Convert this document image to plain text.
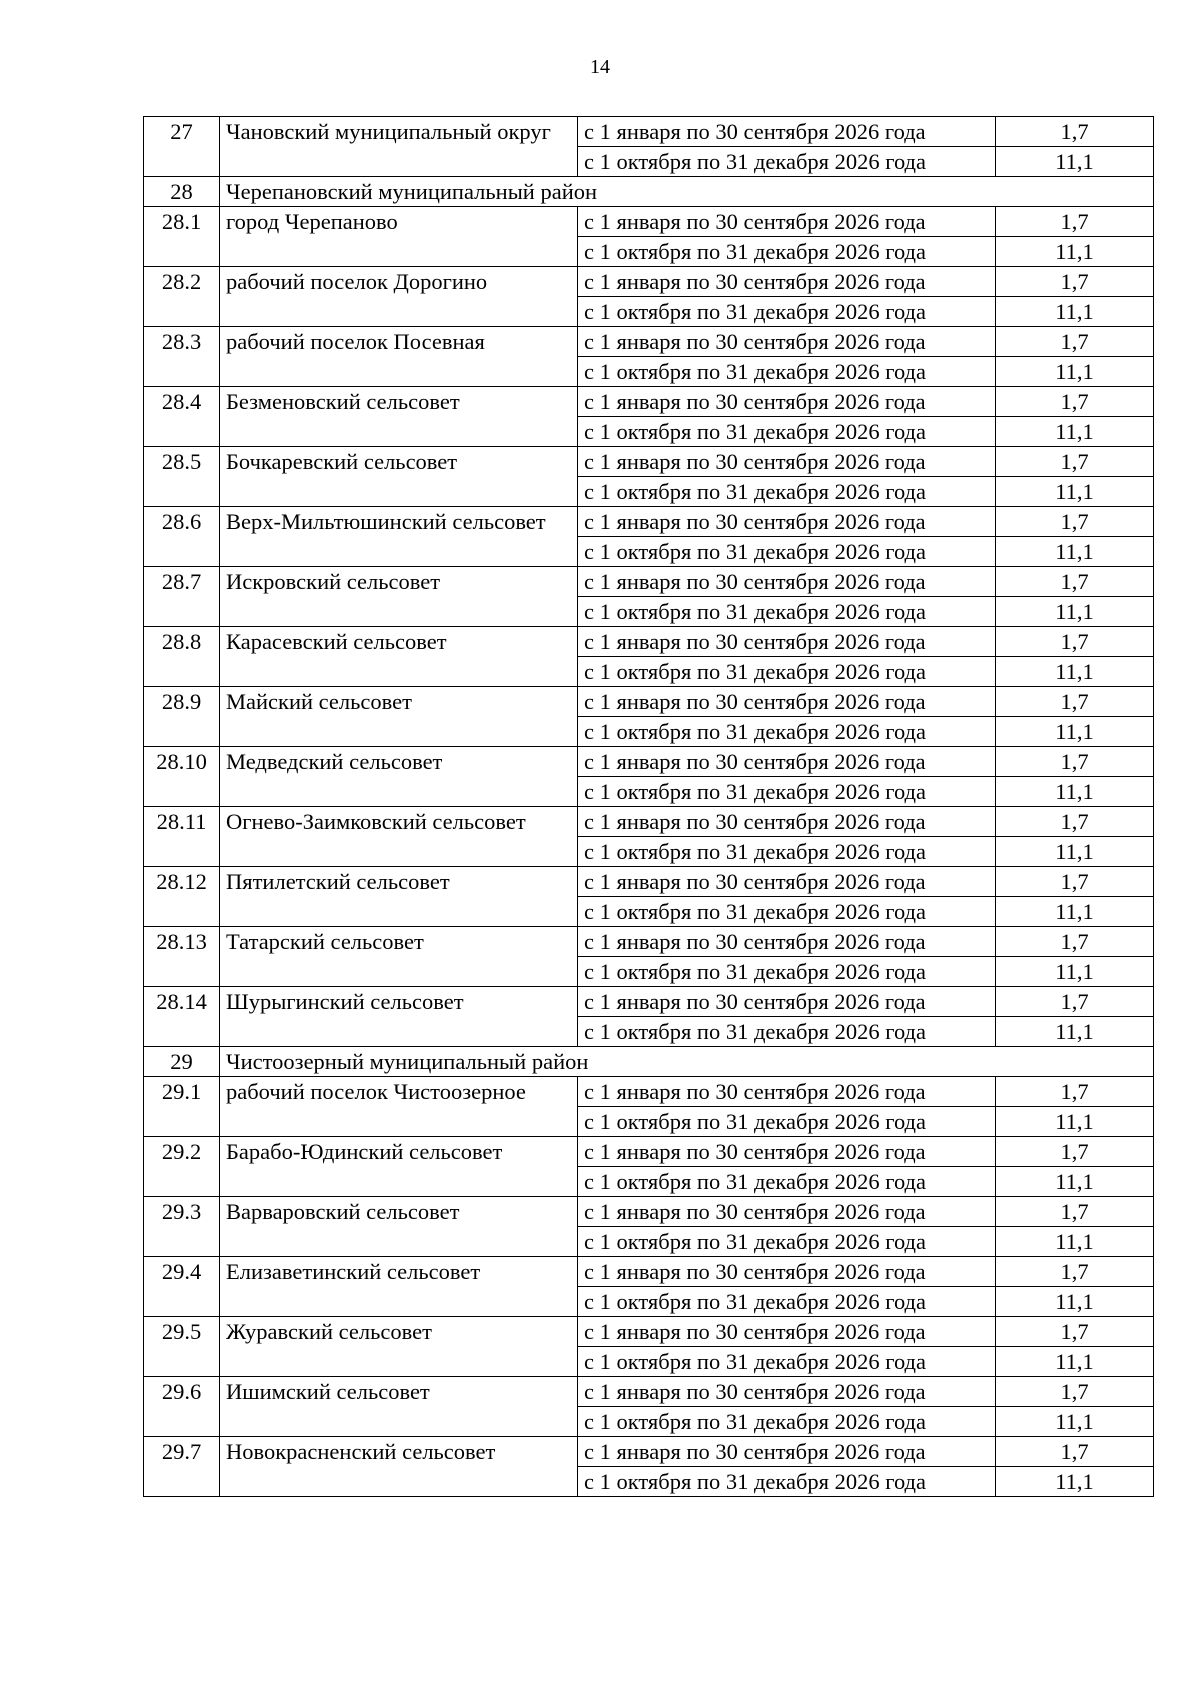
14
27	Чановский муниципальный округ	с 1 января по 30 сентября 2026 года	1,7
		с 1 октября по 31 декабря 2026 года	11,1
28	Черепановский муниципальный район		
28.1	город Черепаново	с 1 января по 30 сентября 2026 года	1,7
		с 1 октября по 31 декабря 2026 года	11,1
28.2	рабочий поселок Дорогино	с 1 января по 30 сентября 2026 года	1,7
		с 1 октября по 31 декабря 2026 года	11,1
28.3	рабочий поселок Посевная	с 1 января по 30 сентября 2026 года	1,7
		с 1 октября по 31 декабря 2026 года	11,1
28.4	Безменовский сельсовет	с 1 января по 30 сентября 2026 года	1,7
		с 1 октября по 31 декабря 2026 года	11,1
28.5	Бочкаревский сельсовет	с 1 января по 30 сентября 2026 года	1,7
		с 1 октября по 31 декабря 2026 года	11,1
28.6	Верх-Мильтюшинский сельсовет	с 1 января по 30 сентября 2026 года	1,7
		с 1 октября по 31 декабря 2026 года	11,1
28.7	Искровский сельсовет	с 1 января по 30 сентября 2026 года	1,7
		с 1 октября по 31 декабря 2026 года	11,1
28.8	Карасевский сельсовет	с 1 января по 30 сентября 2026 года	1,7
		с 1 октября по 31 декабря 2026 года	11,1
28.9	Майский сельсовет	с 1 января по 30 сентября 2026 года	1,7
		с 1 октября по 31 декабря 2026 года	11,1
28.10	Медведский сельсовет	с 1 января по 30 сентября 2026 года	1,7
		с 1 октября по 31 декабря 2026 года	11,1
28.11	Огнево-Заимковский сельсовет	с 1 января по 30 сентября 2026 года	1,7
		с 1 октября по 31 декабря 2026 года	11,1
28.12	Пятилетский сельсовет	с 1 января по 30 сентября 2026 года	1,7
		с 1 октября по 31 декабря 2026 года	11,1
28.13	Татарский сельсовет	с 1 января по 30 сентября 2026 года	1,7
		с 1 октября по 31 декабря 2026 года	11,1
28.14	Шурыгинский сельсовет	с 1 января по 30 сентября 2026 года	1,7
		с 1 октября по 31 декабря 2026 года	11,1
29	Чистоозерный муниципальный район		
29.1	рабочий поселок Чистоозерное	с 1 января по 30 сентября 2026 года	1,7
		с 1 октября по 31 декабря 2026 года	11,1
29.2	Барабо-Юдинский сельсовет	с 1 января по 30 сентября 2026 года	1,7
		с 1 октября по 31 декабря 2026 года	11,1
29.3	Варваровский сельсовет	с 1 января по 30 сентября 2026 года	1,7
		с 1 октября по 31 декабря 2026 года	11,1
29.4	Елизаветинский сельсовет	с 1 января по 30 сентября 2026 года	1,7
		с 1 октября по 31 декабря 2026 года	11,1
29.5	Журавский сельсовет	с 1 января по 30 сентября 2026 года	1,7
		с 1 октября по 31 декабря 2026 года	11,1
29.6	Ишимский сельсовет	с 1 января по 30 сентября 2026 года	1,7
		с 1 октября по 31 декабря 2026 года	11,1
29.7	Новокрасненский сельсовет	с 1 января по 30 сентября 2026 года	1,7
		с 1 октября по 31 декабря 2026 года	11,1
